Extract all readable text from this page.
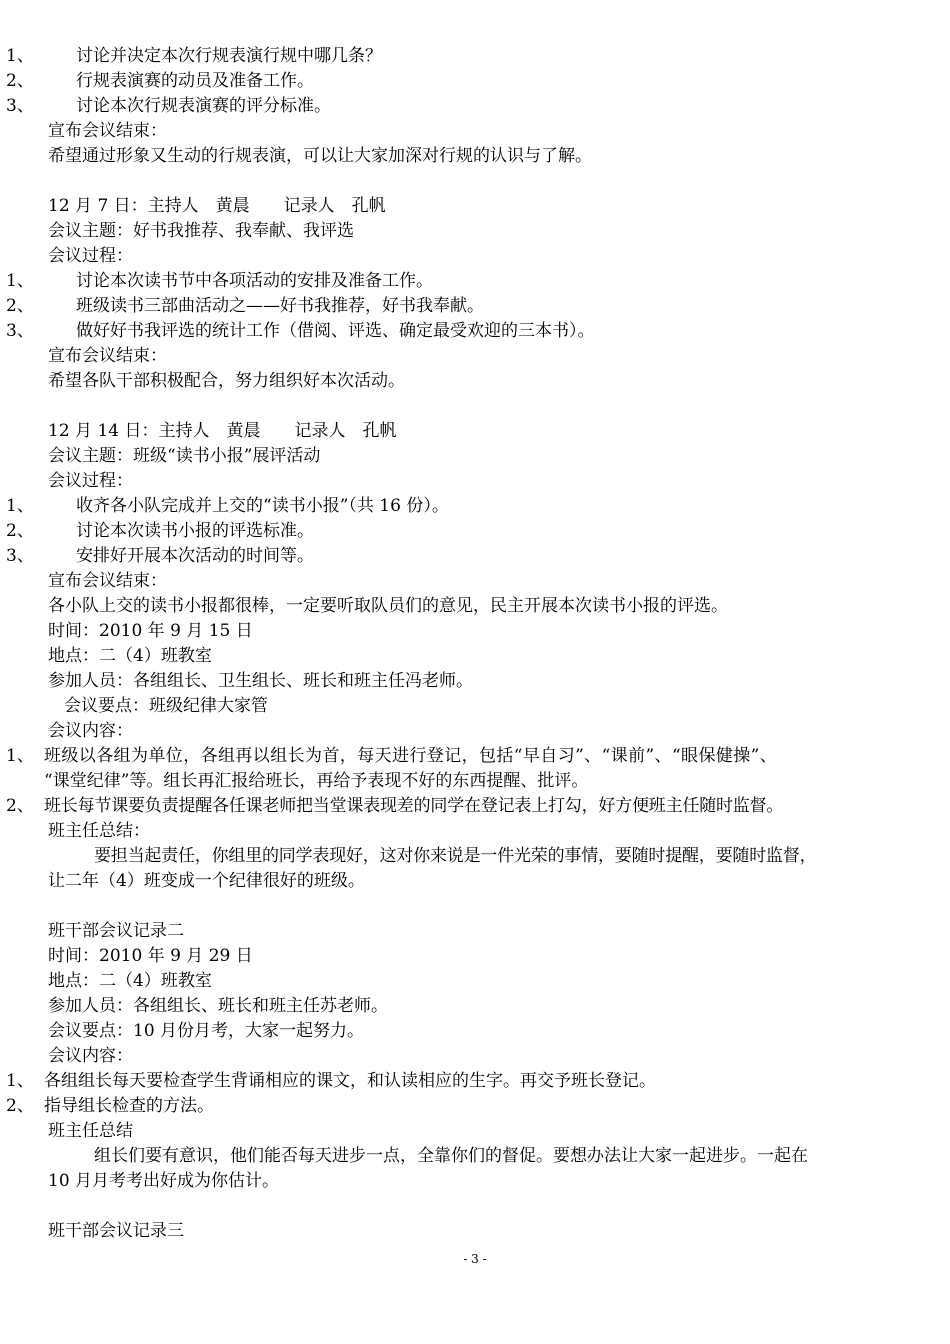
1、 讨论并决定本次行规表演行规中哪几条？
2、 行规表演赛的动员及准备工作。
3、 讨论本次行规表演赛的评分标准。
宣布会议结束：
希望通过形象又生动的行规表演，可以让大家加深对行规的认识与了解。
12 月 7 日：主持人　黄晨　　记录人　孔帆
会议主题：好书我推荐、我奉献、我评选
会议过程：
1、 讨论本次读书节中各项活动的安排及准备工作。
2、 班级读书三部曲活动之——好书我推荐，好书我奉献。
3、 做好好书我评选的统计工作（借阅、评选、确定最受欢迎的三本书）。
宣布会议结束：
希望各队干部积极配合，努力组织好本次活动。
12 月 14 日：主持人　黄晨　　记录人　孔帆
会议主题：班级“读书小报”展评活动
会议过程：
1、 收齐各小队完成并上交的“读书小报”（共 16 份）。
2、 讨论本次读书小报的评选标准。
3、 安排好开展本次活动的时间等。
宣布会议结束：
各小队上交的读书小报都很棒，一定要听取队员们的意见，民主开展本次读书小报的评选。
时间：2010 年 9 月 15 日
地点：二（4）班教室
参加人员：各组组长、卫生组长、班长和班主任冯老师。
会议要点：班级纪律大家管
会议内容：
1、 班级以各组为单位，各组再以组长为首，每天进行登记，包括“早自习”、“课前”、“眼保健操”、
“课堂纪律”等。组长再汇报给班长，再给予表现不好的东西提醒、批评。
2、 班长每节课要负责提醒各任课老师把当堂课表现差的同学在登记表上打勾，好方便班主任随时监督。
班主任总结：
要担当起责任，你组里的同学表现好，这对你来说是一件光荣的事情，要随时提醒，要随时监督，
让二年（4）班变成一个纪律很好的班级。
班干部会议记录二
时间：2010 年 9 月 29 日
地点：二（4）班教室
参加人员：各组组长、班长和班主任苏老师。
会议要点：10 月份月考，大家一起努力。
会议内容：
1、 各组组长每天要检查学生背诵相应的课文，和认读相应的生字。再交予班长登记。
2、 指导组长检查的方法。
班主任总结
组长们要有意识，他们能否每天进步一点，全靠你们的督促。要想办法让大家一起进步。一起在
10 月月考考出好成为你估计。
班干部会议记录三
- 3 -
